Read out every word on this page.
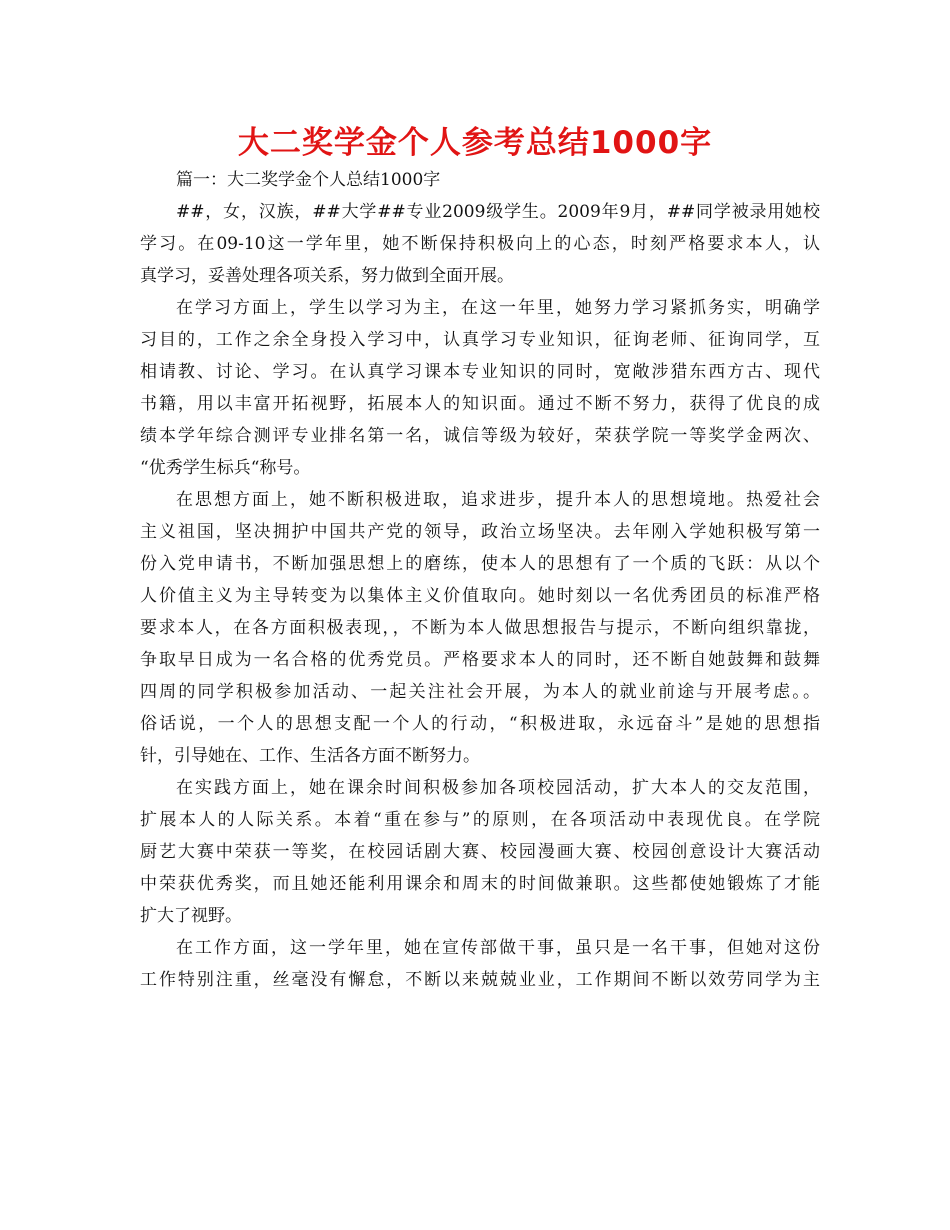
大二奖学金个人参考总结1000字

篇一：大二奖学金个人总结1000字

##，女，汉族，##大学##专业2009级学生。2009年9月，##同学被录用她校

学习。在09-10这一学年里，她不断保持积极向上的心态，时刻严格要求本人，认

真学习，妥善处理各项关系，努力做到全面开展。

在学习方面上，学生以学习为主，在这一年里，她努力学习紧抓务实，明确学

习目的，工作之余全身投入学习中，认真学习专业知识，征询老师、征询同学，互

相请教、讨论、学习。在认真学习课本专业知识的同时，宽敞涉猎东西方古、现代

书籍，用以丰富开拓视野，拓展本人的知识面。通过不断不努力，获得了优良的成

绩本学年综合测评专业排名第一名，诚信等级为较好，荣获学院一等奖学金两次、

“优秀学生标兵“称号。

在思想方面上，她不断积极进取，追求进步，提升本人的思想境地。热爱社会

主义祖国，坚决拥护中国共产党的领导，政治立场坚决。去年刚入学她积极写第一

份入党申请书，不断加强思想上的磨练，使本人的思想有了一个质的飞跃：从以个

人价值主义为主导转变为以集体主义价值取向。她时刻以一名优秀团员的标准严格

要求本人，在各方面积极表现，，不断为本人做思想报告与提示，不断向组织靠拢，

争取早日成为一名合格的优秀党员。严格要求本人的同时，还不断自她鼓舞和鼓舞

四周的同学积极参加活动、一起关注社会开展，为本人的就业前途与开展考虑。。

俗话说，一个人的思想支配一个人的行动，“积极进取，永远奋斗”是她的思想指

针，引导她在、工作、生活各方面不断努力。

在实践方面上，她在课余时间积极参加各项校园活动，扩大本人的交友范围，

扩展本人的人际关系。本着“重在参与”的原则，在各项活动中表现优良。在学院

厨艺大赛中荣获一等奖，在校园话剧大赛、校园漫画大赛、校园创意设计大赛活动

中荣获优秀奖，而且她还能利用课余和周末的时间做兼职。这些都使她锻炼了才能

扩大了视野。

在工作方面，这一学年里，她在宣传部做干事，虽只是一名干事，但她对这份

工作特别注重，丝毫没有懈怠，不断以来兢兢业业，工作期间不断以效劳同学为主
